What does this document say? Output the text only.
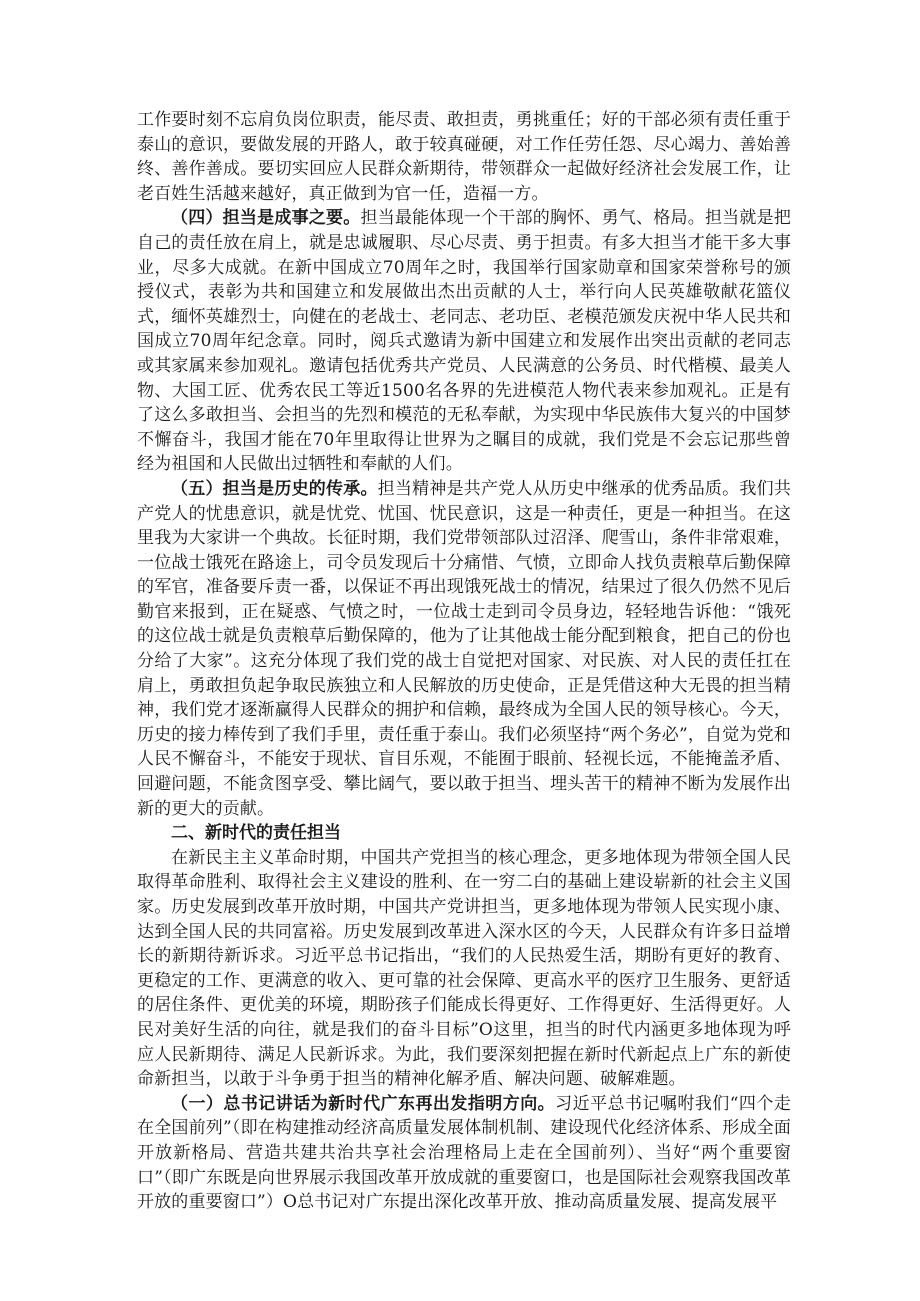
工作要时刻不忘肩负岗位职责，能尽责、敢担责，勇挑重任；好的干部必须有责任重于泰山的意识，要做发展的开路人，敢于较真碰硬，对工作任劳任怨、尽心竭力、善始善终、善作善成。要切实回应人民群众新期待，带领群众一起做好经济社会发展工作，让老百姓生活越来越好，真正做到为官一任，造福一方。

（四）担当是成事之要。担当最能体现一个干部的胸怀、勇气、格局。担当就是把自己的责任放在肩上，就是忠诚履职、尽心尽责、勇于担责。有多大担当才能干多大事业，尽多大成就。在新中国成立70周年之时，我国举行国家勋章和国家荣誉称号的颁授仪式，表彰为共和国建立和发展做出杰出贡献的人士，举行向人民英雄敬献花篮仪式，缅怀英雄烈士，向健在的老战士、老同志、老功臣、老模范颁发庆祝中华人民共和国成立70周年纪念章。同时，阅兵式邀请为新中国建立和发展作出突出贡献的老同志或其家属来参加观礼。邀请包括优秀共产党员、人民满意的公务员、时代楷模、最美人物、大国工匠、优秀农民工等近1500名各界的先进模范人物代表来参加观礼。正是有了这么多敢担当、会担当的先烈和模范的无私奉献，为实现中华民族伟大复兴的中国梦不懈奋斗，我国才能在70年里取得让世界为之瞩目的成就，我们党是不会忘记那些曾经为祖国和人民做出过牺牲和奉献的人们。

（五）担当是历史的传承。担当精神是共产党人从历史中继承的优秀品质。我们共产党人的忧患意识，就是忧党、忧国、忧民意识，这是一种责任，更是一种担当。在这里我为大家讲一个典故。长征时期，我们党带领部队过沼泽、爬雪山，条件非常艰难，一位战士饿死在路途上，司令员发现后十分痛惜、气愤，立即命人找负责粮草后勤保障的军官，准备要斥责一番，以保证不再出现饿死战士的情况，结果过了很久仍然不见后勤官来报到，正在疑惑、气愤之时，一位战士走到司令员身边，轻轻地告诉他：“饿死的这位战士就是负责粮草后勤保障的，他为了让其他战士能分配到粮食，把自己的份也分给了大家”。这充分体现了我们党的战士自觉把对国家、对民族、对人民的责任扛在肩上，勇敢担负起争取民族独立和人民解放的历史使命，正是凭借这种大无畏的担当精神，我们党才逐渐赢得人民群众的拥护和信赖，最终成为全国人民的领导核心。今天，历史的接力棒传到了我们手里，责任重于泰山。我们必须坚持“两个务必”，自觉为党和人民不懈奋斗，不能安于现状、盲目乐观，不能囿于眼前、轻视长远，不能掩盖矛盾、回避问题，不能贪图享受、攀比阔气，要以敢于担当、埋头苦干的精神不断为发展作出新的更大的贡献。

二、新时代的责任担当

在新民主主义革命时期，中国共产党担当的核心理念，更多地体现为带领全国人民取得革命胜利、取得社会主义建设的胜利、在一穷二白的基础上建设崭新的社会主义国家。历史发展到改革开放时期，中国共产党讲担当，更多地体现为带领人民实现小康、达到全国人民的共同富裕。历史发展到改革进入深水区的今天，人民群众有许多日益增长的新期待新诉求。习近平总书记指出，“我们的人民热爱生活，期盼有更好的教育、更稳定的工作、更满意的收入、更可靠的社会保障、更高水平的医疗卫生服务、更舒适的居住条件、更优美的环境，期盼孩子们能成长得更好、工作得更好、生活得更好。人民对美好生活的向往，就是我们的奋斗目标”O这里，担当的时代内涵更多地体现为呼应人民新期待、满足人民新诉求。为此，我们要深刻把握在新时代新起点上广东的新使命新担当，以敢于斗争勇于担当的精神化解矛盾、解决问题、破解难题。

（一）总书记讲话为新时代广东再出发指明方向。习近平总书记嘱咐我们“四个走在全国前列”（即在构建推动经济高质量发展体制机制、建设现代化经济体系、形成全面开放新格局、营造共建共治共享社会治理格局上走在全国前列）、当好“两个重要窗口”（即广东既是向世界展示我国改革开放成就的重要窗口，也是国际社会观察我国改革开放的重要窗口”）O总书记对广东提出深化改革开放、推动高质量发展、提高发展平
